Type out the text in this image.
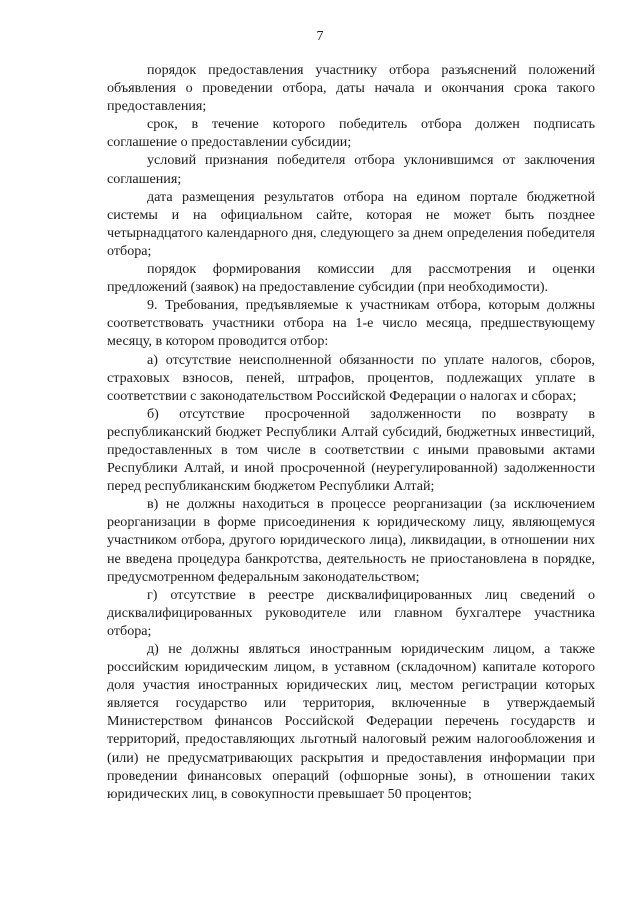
7

порядок предоставления участнику отбора разъяснений положений объявления о проведении отбора, даты начала и окончания срока такого предоставления;

срок, в течение которого победитель отбора должен подписать соглашение о предоставлении субсидии;

условий признания победителя отбора уклонившимся от заключения соглашения;

дата размещения результатов отбора на едином портале бюджетной системы и на официальном сайте, которая не может быть позднее четырнадцатого календарного дня, следующего за днем определения победителя отбора;

порядок формирования комиссии для рассмотрения и оценки предложений (заявок) на предоставление субсидии (при необходимости).

9. Требования, предъявляемые к участникам отбора, которым должны соответствовать участники отбора на 1-е число месяца, предшествующему месяцу, в котором проводится отбор:

а) отсутствие неисполненной обязанности по уплате налогов, сборов, страховых взносов, пеней, штрафов, процентов, подлежащих уплате в соответствии с законодательством Российской Федерации о налогах и сборах;

б) отсутствие просроченной задолженности по возврату в республиканский бюджет Республики Алтай субсидий, бюджетных инвестиций, предоставленных в том числе в соответствии с иными правовыми актами Республики Алтай, и иной просроченной (неурегулированной) задолженности перед республиканским бюджетом Республики Алтай;

в) не должны находиться в процессе реорганизации (за исключением реорганизации в форме присоединения к юридическому лицу, являющемуся участником отбора, другого юридического лица), ликвидации, в отношении них не введена процедура банкротства, деятельность не приостановлена в порядке, предусмотренном федеральным законодательством;

г) отсутствие в реестре дисквалифицированных лиц сведений о дисквалифицированных руководителе или главном бухгалтере участника отбора;

д) не должны являться иностранным юридическим лицом, а также российским юридическим лицом, в уставном (складочном) капитале которого доля участия иностранных юридических лиц, местом регистрации которых является государство или территория, включенные в утверждаемый Министерством финансов Российской Федерации перечень государств и территорий, предоставляющих льготный налоговый режим налогообложения и (или) не предусматривающих раскрытия и предоставления информации при проведении финансовых операций (офшорные зоны), в отношении таких юридических лиц, в совокупности превышает 50 процентов;
